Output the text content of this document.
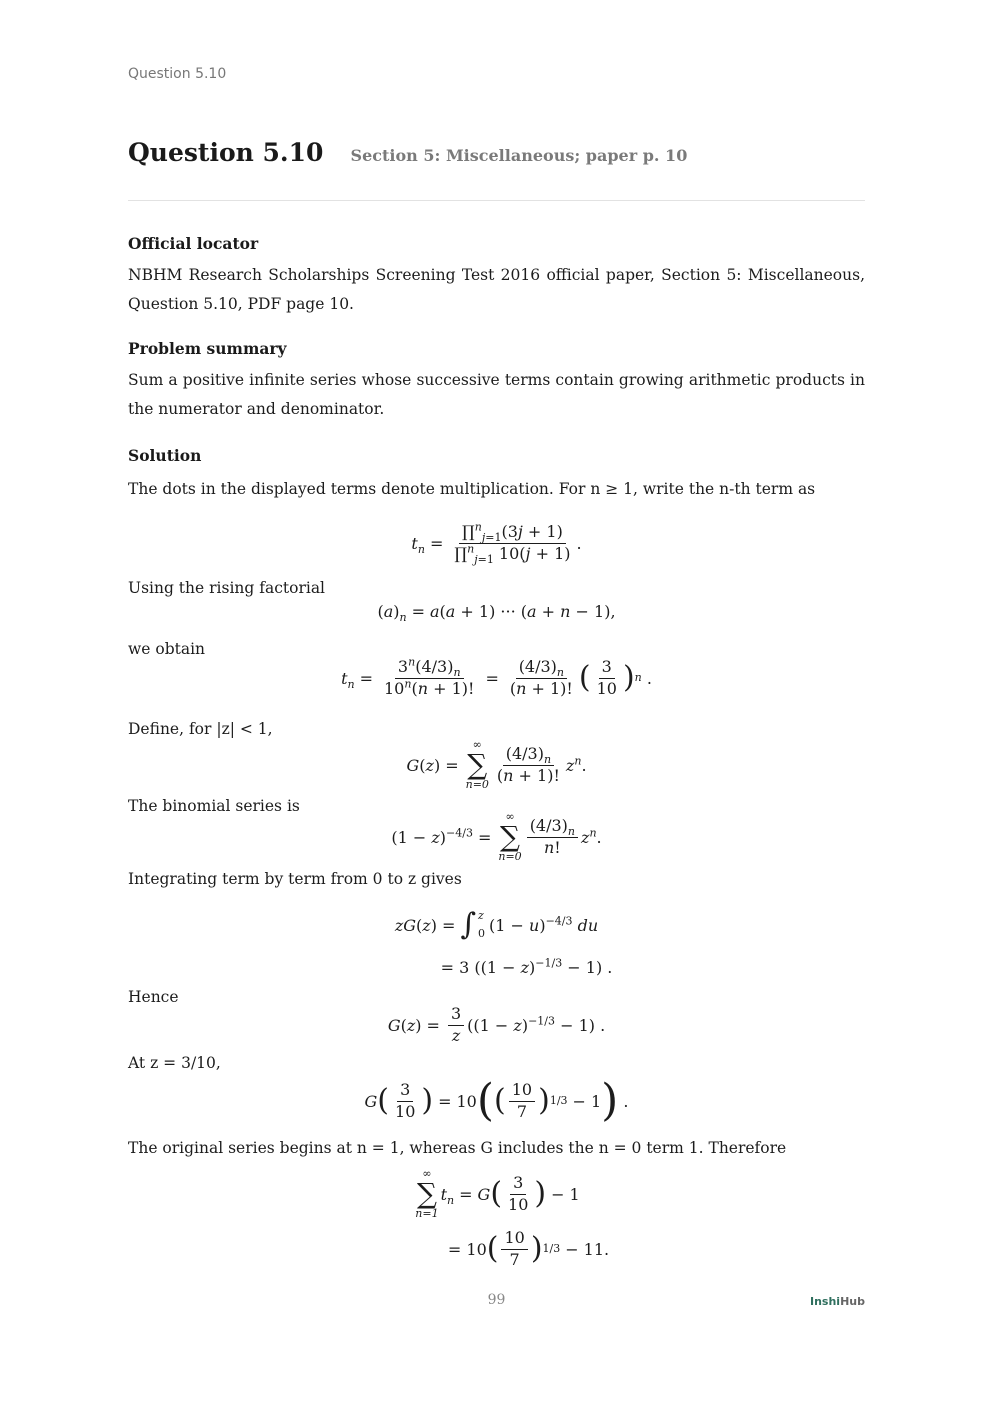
Question 5.10
Question 5.10 Section 5: Miscellaneous; paper p. 10
Official locator
NBHM Research Scholarships Screening Test 2016 official paper, Section 5: Miscellaneous, Question 5.10, PDF page 10.
Problem summary
Sum a positive infinite series whose successive terms contain growing arithmetic products in the numerator and denominator.
Solution
The dots in the displayed terms denote multiplication. For n ≥ 1, write the n-th term as
$t_n = \frac{\prod^n_{j=1}(3j + 1)}{\prod^n_{j=1} 10(j + 1)}$ .
Using the rising factorial
$(a)_n = a(a + 1)$ ··· (a + n − 1),
we obtain
$t_n = \frac{3^n(4/3)_n}{10^n(n + 1)!} = \frac{(4/3)_n}{(n + 1)!}$ ( $\frac{3}{10}$ ) n .
Define, for |z| < 1,
G(z) =
∞
∑
$n=0 \frac{(4/3)_n}{(n + 1)!} z^n$.
The binomial series is
$(1 - z)^{-4/3}$ =
∞
∑
$n=0 \frac{(4/3)_n}{n!} z^n$.
Integrating term by term from 0 to z gives
zG(z) = ∫ z
0 $(1 - u)^{-4/3}$ du
= 3 $((1 - z)^{-1/3} - 1)$ .
Hence
$G(z) = \frac{3}{z} ((1 - z)^{-1/3} - 1)$ .
At z = 3/10,
G ( $\frac{3}{10}$ ) = 10 ( ( $\frac{10}{7}$ ) 1/3 − 1 ) .
The original series begins at n = 1, whereas G includes the n = 0 term 1. Therefore
∞
∑
n=1
$t_n = G$ ( $\frac{3}{10}$ ) − 1
= 10 ( $\frac{10}{7}$ ) 1/3 − 11.
99	InshiHub
